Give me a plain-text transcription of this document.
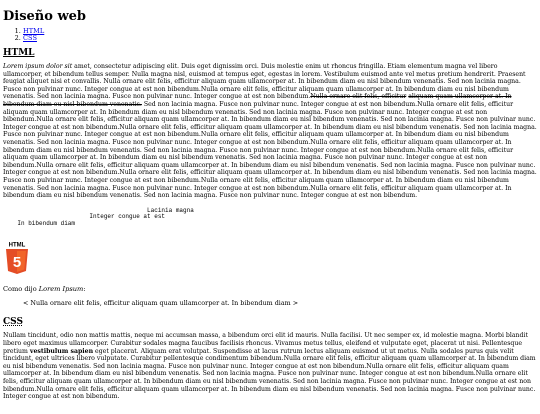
Diseño web
1. HTML
2. CSS
HTML

Lorem ipsum dolor sit amet, consectetur adipiscing elit. Duis eget dignissim orci. Duis molestie enim ut rhoncus fringilla. Etiam elementum magna vel libero ullamcorper, et bibendum tellus semper. Nulla magna nisl, euismod at tempus eget, egestas in lorem. Vestibulum euismod ante vel metus pretium hendrerit. Praesent feugiat aliquet nisi et convallis. Nulla ornare elit felis, efficitur aliquam quam ullamcorper at. In bibendum diam eu nisl bibendum venenatis. Sed non lacinia magna. Fusce non pulvinar nunc. Integer congue at est non bibendum.Nulla ornare elit felis, efficitur aliquam quam ullamcorper at. In bibendum diam eu nisl bibendum venenatis. Sed non lacinia magna. Fusce non pulvinar nunc. Integer congue at est non bibendum.Nulla ornare elit felis, efficitur aliquam quam ullamcorper at. In bibendum diam eu nisl bibendum venenatis. Sed non lacinia magna. Fusce non pulvinar nunc. Integer congue at est non bibendum.Nulla ornare elit felis, efficitur aliquam quam ullamcorper at. In bibendum diam eu nisl bibendum venenatis. Sed non lacinia magna. Fusce non pulvinar nunc. Integer congue at est non bibendum.Nulla ornare elit felis, efficitur aliquam quam ullamcorper at. In bibendum diam eu nisl bibendum venenatis. Sed non lacinia magna. Fusce non pulvinar nunc. Integer congue at est non bibendum.Nulla ornare elit felis, efficitur aliquam quam ullamcorper at. In bibendum diam eu nisl bibendum venenatis. Sed non lacinia magna. Fusce non pulvinar nunc. Integer congue at est non bibendum.Nulla ornare elit felis, efficitur aliquam quam ullamcorper at. In bibendum diam eu nisl bibendum venenatis. Sed non lacinia magna. Fusce non pulvinar nunc. Integer congue at est non bibendum.Nulla ornare elit felis, efficitur aliquam quam ullamcorper at. In bibendum diam eu nisl bibendum venenatis. Sed non lacinia magna. Fusce non pulvinar nunc. Integer congue at est non bibendum.Nulla ornare elit felis, efficitur aliquam quam ullamcorper at. In bibendum diam eu nisl bibendum venenatis. Sed non lacinia magna. Fusce non pulvinar nunc. Integer congue at est non bibendum.Nulla ornare elit felis, efficitur aliquam quam ullamcorper at. In bibendum diam eu nisl bibendum venenatis. Sed non lacinia magna. Fusce non pulvinar nunc. Integer congue at est non bibendum.Nulla ornare elit felis, efficitur aliquam quam ullamcorper at. In bibendum diam eu nisl bibendum venenatis. Sed non lacinia magna. Fusce non pulvinar nunc. Integer congue at est non bibendum.Nulla ornare elit felis, efficitur aliquam quam ullamcorper at. In bibendum diam eu nisl bibendum venenatis. Sed non lacinia magna. Fusce non pulvinar nunc. Integer congue at est non bibendum.Nulla ornare elit felis, efficitur aliquam quam ullamcorper at. In bibendum diam eu nisl bibendum venenatis. Sed non lacinia magna. Fusce non pulvinar nunc. Integer congue at est non bibendum.

Lacinia magna
Integer congue at est
In bibendum diam
HTML
5

Como dijo Lorem Ipsum:

< Nulla ornare elit felis, efficitur aliquam quam ullamcorper at. In bibendum diam >
CSS

Nullam tincidunt, odio non mattis mattis, neque mi accumsan massa, a bibendum orci elit id mauris. Nulla facilisi. Ut nec semper ex, id molestie magna. Morbi blandit libero eget maximus ullamcorper. Curabitur sodales magna faucibus facilisis rhoncus. Vivamus metus tellus, eleifend et vulputate eget, placerat ut nisi. Pellentesque pretium vestibulum sapien eget placerat. Aliquam erat volutpat. Suspendisse at lacus rutrum lectus aliquam euismod ut ut metus. Nulla sodales purus quis velit tincidunt, eget ultrices libero vulputate. Curabitur pellentesque condimentum bibendum.Nulla ornare elit felis, efficitur aliquam quam ullamcorper at. In bibendum diam eu nisl bibendum venenatis. Sed non lacinia magna. Fusce non pulvinar nunc. Integer congue at est non bibendum.Nulla ornare elit felis, efficitur aliquam quam ullamcorper at. In bibendum diam eu nisl bibendum venenatis. Sed non lacinia magna. Fusce non pulvinar nunc. Integer congue at est non bibendum.Nulla ornare elit felis, efficitur aliquam quam ullamcorper at. In bibendum diam eu nisl bibendum venenatis. Sed non lacinia magna. Fusce non pulvinar nunc. Integer congue at est non bibendum.Nulla ornare elit felis, efficitur aliquam quam ullamcorper at. In bibendum diam eu nisl bibendum venenatis. Sed non lacinia magna. Fusce non pulvinar nunc. Integer congue at est non bibendum.
